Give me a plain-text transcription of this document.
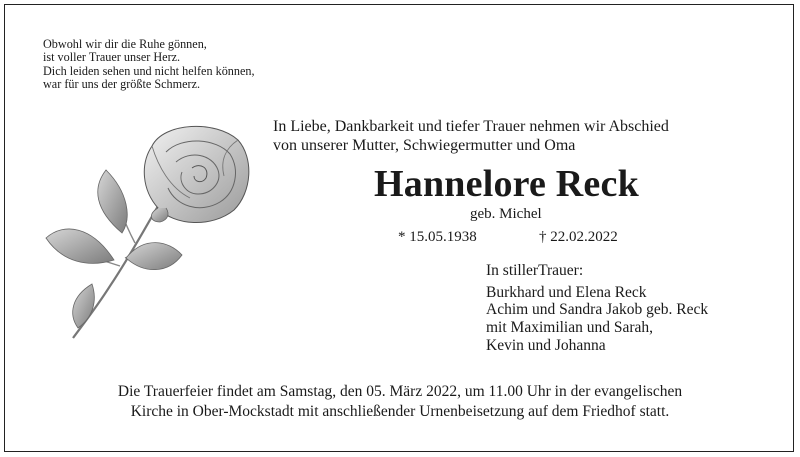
Obwohl wir dir die Ruhe gönnen,
ist voller Trauer unser Herz.
Dich leiden sehen und nicht helfen können,
war für uns der größte Schmerz.
In Liebe, Dankbarkeit und tiefer Trauer nehmen wir Abschied
von unserer Mutter, Schwiegermutter und Oma
Hannelore Reck
geb. Michel
* 15.05.1938	† 22.02.2022
In stillerTrauer:
Burkhard und Elena Reck
Achim und Sandra Jakob geb. Reck
mit Maximilian und Sarah,
Kevin und Johanna
Die Trauerfeier findet am Samstag, den 05. März 2022, um 11.00 Uhr in der evangelischen
Kirche in Ober-Mockstadt mit anschließender Urnenbeisetzung auf dem Friedhof statt.
